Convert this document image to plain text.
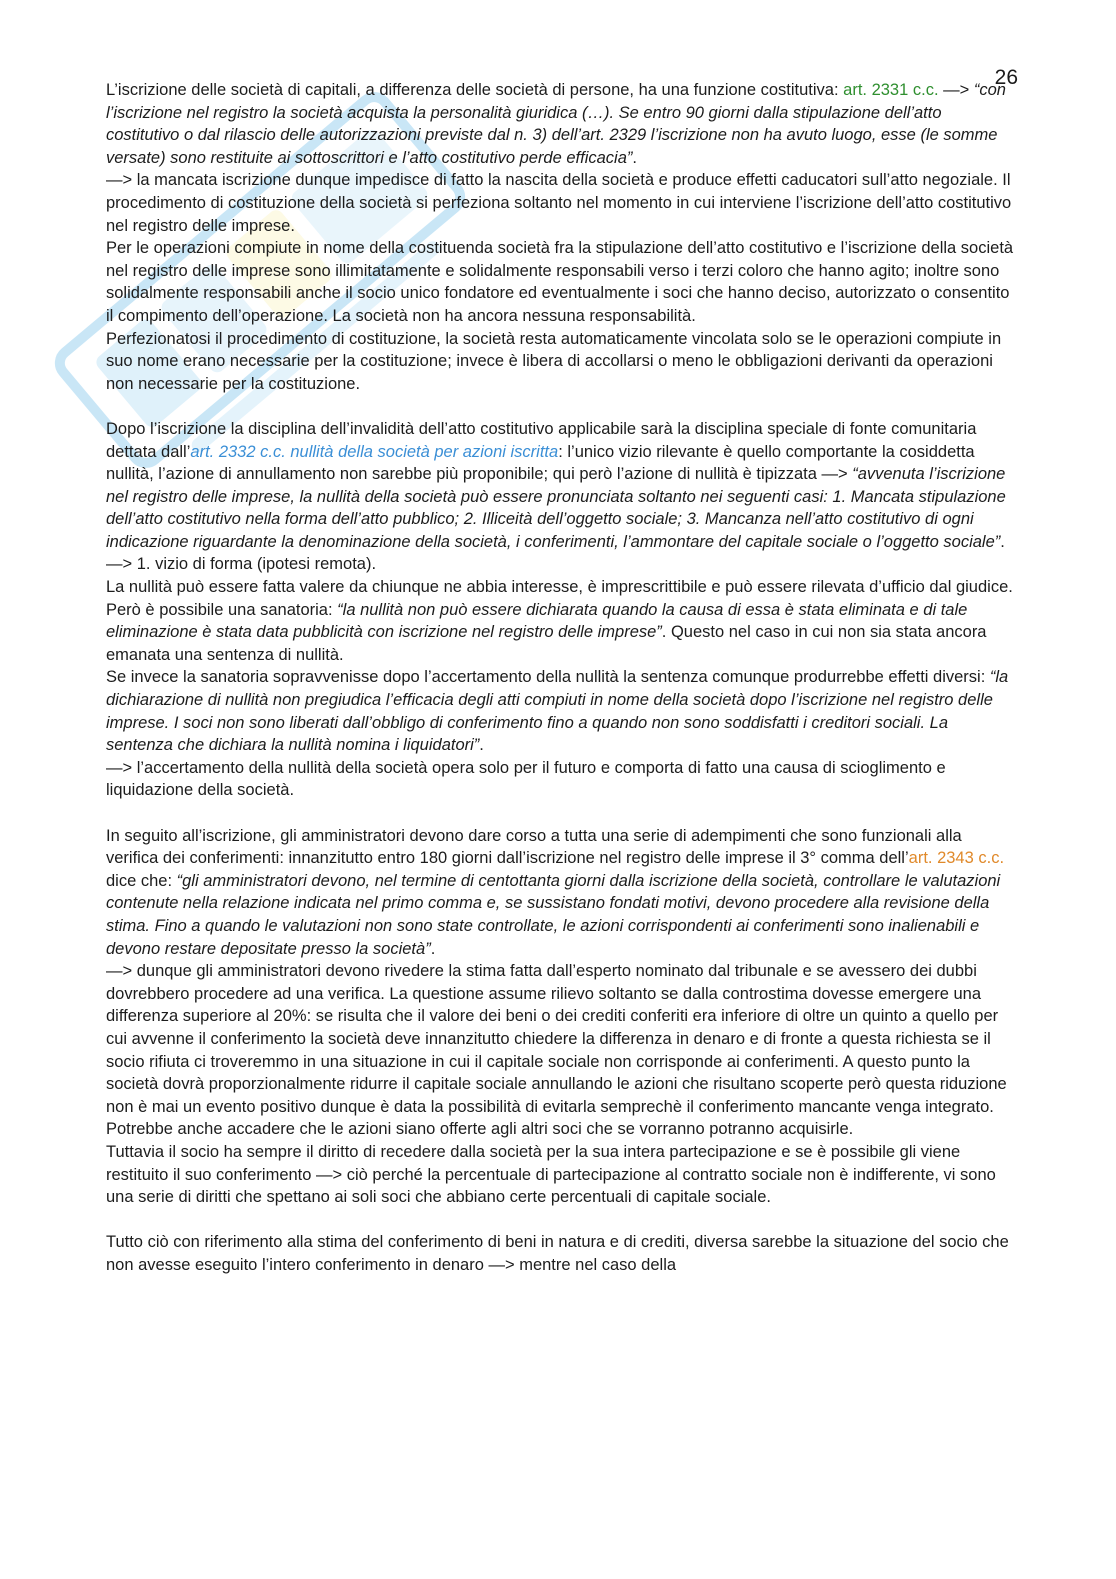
26

L’iscrizione delle società di capitali, a differenza delle società di persone, ha una funzione costitutiva: art. 2331 c.c. —> “con l’iscrizione nel registro la società acquista la personalità giuridica (…). Se entro 90 giorni dalla stipulazione dell’atto costitutivo o dal rilascio delle autorizzazioni previste dal n. 3) dell’art. 2329 l’iscrizione non ha avuto luogo, esse (le somme versate) sono restituite ai sottoscrittori e l’atto costitutivo perde efficacia”.

—> la mancata iscrizione dunque impedisce di fatto la nascita della società e produce effetti caducatori sull’atto negoziale. Il procedimento di costituzione della società si perfeziona soltanto nel momento in cui interviene l’iscrizione dell’atto costitutivo nel registro delle imprese.

Per le operazioni compiute in nome della costituenda società fra la stipulazione dell’atto costitutivo e l’iscrizione della società nel registro delle imprese sono illimitatamente e solidalmente responsabili verso i terzi coloro che hanno agito; inoltre sono solidalmente responsabili anche il socio unico fondatore ed eventualmente i soci che hanno deciso, autorizzato o consentito il compimento dell’operazione. La società non ha ancora nessuna responsabilità.

Perfezionatosi il procedimento di costituzione, la società resta automaticamente vincolata solo se le operazioni compiute in suo nome erano necessarie per la costituzione; invece è libera di accollarsi o meno le obbligazioni derivanti da operazioni non necessarie per la costituzione.

Dopo l’iscrizione la disciplina dell’invalidità dell’atto costitutivo applicabile sarà la disciplina speciale di fonte comunitaria dettata dall’art. 2332 c.c. nullità della società per azioni iscritta: l’unico vizio rilevante è quello comportante la cosiddetta nullità, l’azione di annullamento non sarebbe più proponibile; qui però l’azione di nullità è tipizzata —> “avvenuta l’iscrizione nel registro delle imprese, la nullità della società può essere pronunciata soltanto nei seguenti casi: 1. Mancata stipulazione dell’atto costitutivo nella forma dell’atto pubblico; 2. Illiceità dell’oggetto sociale; 3. Mancanza nell’atto costitutivo di ogni indicazione riguardante la denominazione della società, i conferimenti, l’ammontare del capitale sociale o l’oggetto sociale”.

—> 1. vizio di forma (ipotesi remota).

La nullità può essere fatta valere da chiunque ne abbia interesse, è imprescrittibile e può essere rilevata d’ufficio dal giudice. Però è possibile una sanatoria: “la nullità non può essere dichiarata quando la causa di essa è stata eliminata e di tale eliminazione è stata data pubblicità con iscrizione nel registro delle imprese”. Questo nel caso in cui non sia stata ancora emanata una sentenza di nullità.

Se invece la sanatoria sopravvenisse dopo l’accertamento della nullità la sentenza comunque produrrebbe effetti diversi: “la dichiarazione di nullità non pregiudica l’efficacia degli atti compiuti in nome della società dopo l’iscrizione nel registro delle imprese. I soci non sono liberati dall’obbligo di conferimento fino a quando non sono soddisfatti i creditori sociali. La sentenza che dichiara la nullità nomina i liquidatori”.

—> l’accertamento della nullità della società opera solo per il futuro e comporta di fatto una causa di scioglimento e liquidazione della società.

In seguito all’iscrizione, gli amministratori devono dare corso a tutta una serie di adempimenti che sono funzionali alla verifica dei conferimenti: innanzitutto entro 180 giorni dall’iscrizione nel registro delle imprese il 3° comma dell’art. 2343 c.c. dice che: “gli amministratori devono, nel termine di centottanta giorni dalla iscrizione della società, controllare le valutazioni contenute nella relazione indicata nel primo comma e, se sussistano fondati motivi, devono procedere alla revisione della stima. Fino a quando le valutazioni non sono state controllate, le azioni corrispondenti ai conferimenti sono inalienabili e devono restare depositate presso la società”.

—> dunque gli amministratori devono rivedere la stima fatta dall’esperto nominato dal tribunale e se avessero dei dubbi dovrebbero procedere ad una verifica. La questione assume rilievo soltanto se dalla controstima dovesse emergere una differenza superiore al 20%: se risulta che il valore dei beni o dei crediti conferiti era inferiore di oltre un quinto a quello per cui avvenne il conferimento la società deve innanzitutto chiedere la differenza in denaro e di fronte a questa richiesta se il socio rifiuta ci troveremmo in una situazione in cui il capitale sociale non corrisponde ai conferimenti. A questo punto la società dovrà proporzionalmente ridurre il capitale sociale annullando le azioni che risultano scoperte però questa riduzione non è mai un evento positivo dunque è data la possibilità di evitarla semprechè il conferimento mancante venga integrato.

Potrebbe anche accadere che le azioni siano offerte agli altri soci che se vorranno potranno acquisirle.

Tuttavia il socio ha sempre il diritto di recedere dalla società per la sua intera partecipazione e se è possibile gli viene restituito il suo conferimento —> ciò perché la percentuale di partecipazione al contratto sociale non è indifferente, vi sono una serie di diritti che spettano ai soli soci che abbiano certe percentuali di capitale sociale.

Tutto ciò con riferimento alla stima del conferimento di beni in natura e di crediti, diversa sarebbe la situazione del socio che non avesse eseguito l’intero conferimento in denaro —> mentre nel caso della
